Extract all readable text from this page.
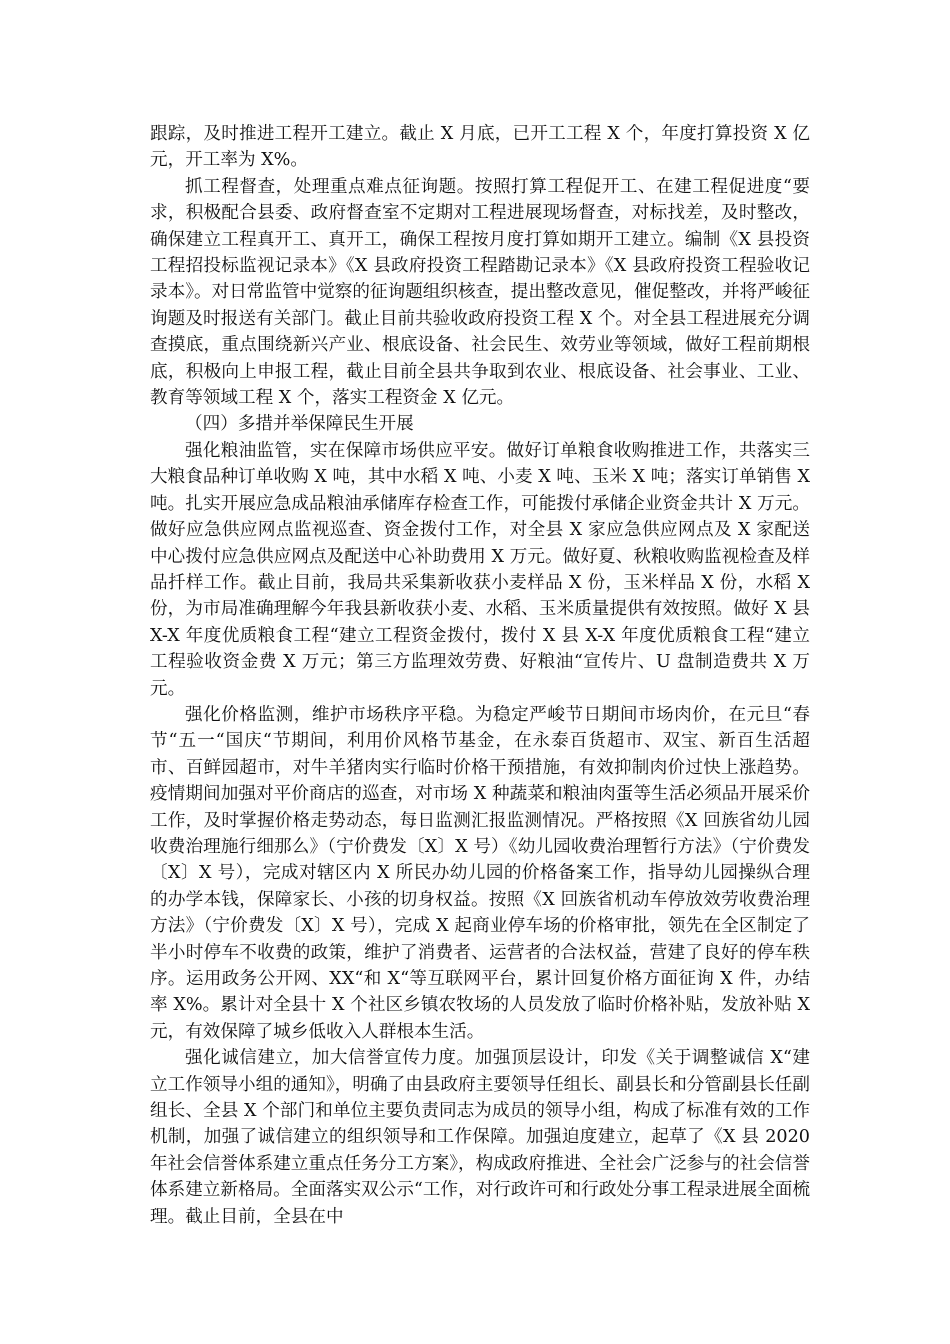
跟踪，及时推进工程开工建立。截止 X 月底，已开工工程 X 个，年度打算投资 X 亿元，开工率为 X%。

抓工程督查，处理重点难点征询题。按照打算工程促开工、在建工程促进度“要求，积极配合县委、政府督查室不定期对工程进展现场督查，对标找差，及时整改，确保建立工程真开工、真开工，确保工程按月度打算如期开工建立。编制《X 县投资工程招投标监视记录本》《X 县政府投资工程踏勘记录本》《X 县政府投资工程验收记录本》。对日常监管中觉察的征询题组织核查，提出整改意见，催促整改，并将严峻征询题及时报送有关部门。截止目前共验收政府投资工程 X 个。对全县工程进展充分调查摸底，重点围绕新兴产业、根底设备、社会民生、效劳业等领域，做好工程前期根底，积极向上申报工程，截止目前全县共争取到农业、根底设备、社会事业、工业、教育等领域工程 X 个，落实工程资金 X 亿元。

（四）多措并举保障民生开展

强化粮油监管，实在保障市场供应平安。做好订单粮食收购推进工作，共落实三大粮食品种订单收购 X 吨，其中水稻 X 吨、小麦 X 吨、玉米 X 吨；落实订单销售 X 吨。扎实开展应急成品粮油承储库存检查工作，可能拨付承储企业资金共计 X 万元。做好应急供应网点监视巡查、资金拨付工作，对全县 X 家应急供应网点及 X 家配送中心拨付应急供应网点及配送中心补助费用 X 万元。做好夏、秋粮收购监视检查及样品扦样工作。截止目前，我局共采集新收获小麦样品 X 份，玉米样品 X 份，水稻 X 份，为市局准确理解今年我县新收获小麦、水稻、玉米质量提供有效按照。做好 X 县 X-X 年度优质粮食工程“建立工程资金拨付，拨付 X 县 X-X 年度优质粮食工程“建立工程验收资金费 X 万元；第三方监理效劳费、好粮油“宣传片、U 盘制造费共 X 万元。

强化价格监测，维护市场秩序平稳。为稳定严峻节日期间市场肉价，在元旦“春节“五一“国庆“节期间，利用价风格节基金，在永泰百货超市、双宝、新百生活超市、百鲜园超市，对牛羊猪肉实行临时价格干预措施，有效抑制肉价过快上涨趋势。疫情期间加强对平价商店的巡查，对市场 X 种蔬菜和粮油肉蛋等生活必须品开展采价工作，及时掌握价格走势动态，每日监测汇报监测情况。严格按照《X 回族省幼儿园收费治理施行细那么》（宁价费发〔X〕X 号）《幼儿园收费治理暂行方法》（宁价费发〔X〕X 号），完成对辖区内 X 所民办幼儿园的价格备案工作，指导幼儿园操纵合理的办学本钱，保障家长、小孩的切身权益。按照《X 回族省机动车停放效劳收费治理方法》（宁价费发〔X〕X 号），完成 X 起商业停车场的价格审批，领先在全区制定了半小时停车不收费的政策，维护了消费者、运营者的合法权益，营建了良好的停车秩序。运用政务公开网、XX“和 X“等互联网平台，累计回复价格方面征询 X 件，办结率 X%。累计对全县十 X 个社区乡镇农牧场的人员发放了临时价格补贴，发放补贴 X 元，有效保障了城乡低收入人群根本生活。

强化诚信建立，加大信誉宣传力度。加强顶层设计，印发《关于调整诚信 X“建立工作领导小组的通知》，明确了由县政府主要领导任组长、副县长和分管副县长任副组长、全县 X 个部门和单位主要负责同志为成员的领导小组，构成了标准有效的工作机制，加强了诚信建立的组织领导和工作保障。加强迫度建立，起草了《X 县 2020 年社会信誉体系建立重点任务分工方案》，构成政府推进、全社会广泛参与的社会信誉体系建立新格局。全面落实双公示“工作，对行政许可和行政处分事工程录进展全面梳理。截止目前，全县在中
